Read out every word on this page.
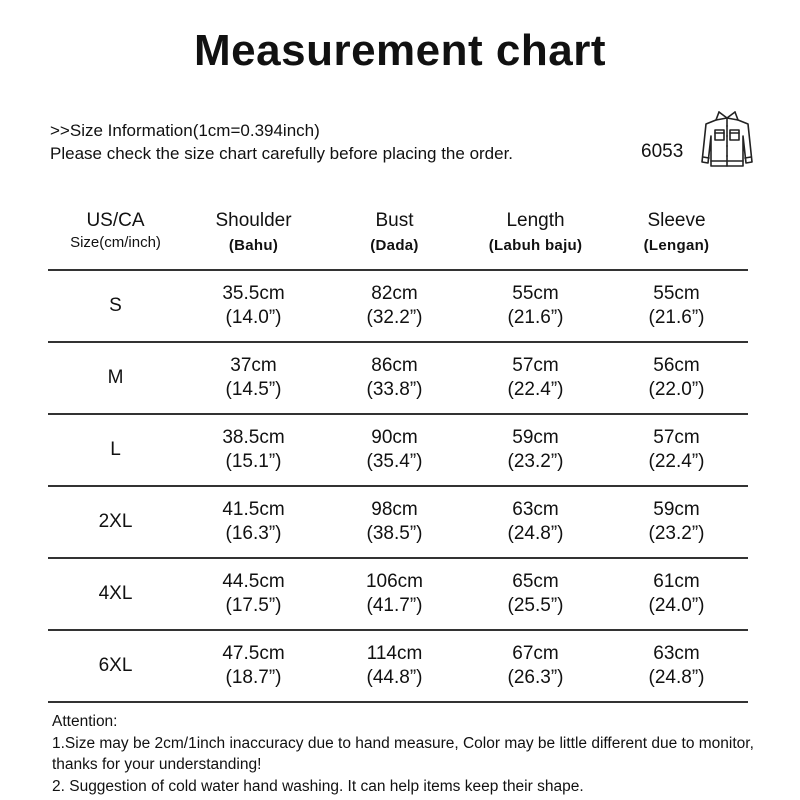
Measurement chart
>>Size Information(1cm=0.394inch)
Please check the size chart carefully before placing the order.	6053
US/CA
Size(cm/inch)
Shoulder
(Bahu)
Bust
(Dada)
Length
(Labuh baju)
Sleeve
(Lengan)
S
35.5cm
(14.0”)
82cm
(32.2”)
55cm
(21.6”)
55cm
(21.6”)
M
37cm
(14.5”)
86cm
(33.8”)
57cm
(22.4”)
56cm
(22.0”)
L
38.5cm
(15.1”)
90cm
(35.4”)
59cm
(23.2”)
57cm
(22.4”)
2XL
41.5cm
(16.3”)
98cm
(38.5”)
63cm
(24.8”)
59cm
(23.2”)
4XL
44.5cm
(17.5”)
106cm
(41.7”)
65cm
(25.5”)
61cm
(24.0”)
6XL
47.5cm
(18.7”)
114cm
(44.8”)
67cm
(26.3”)
63cm
(24.8”)
Attention:
1.Size may be 2cm/1inch inaccuracy due to hand measure, Color may be little different due to monitor, thanks for your understanding!
2. Suggestion of cold water hand washing. It can help items keep their shape.
